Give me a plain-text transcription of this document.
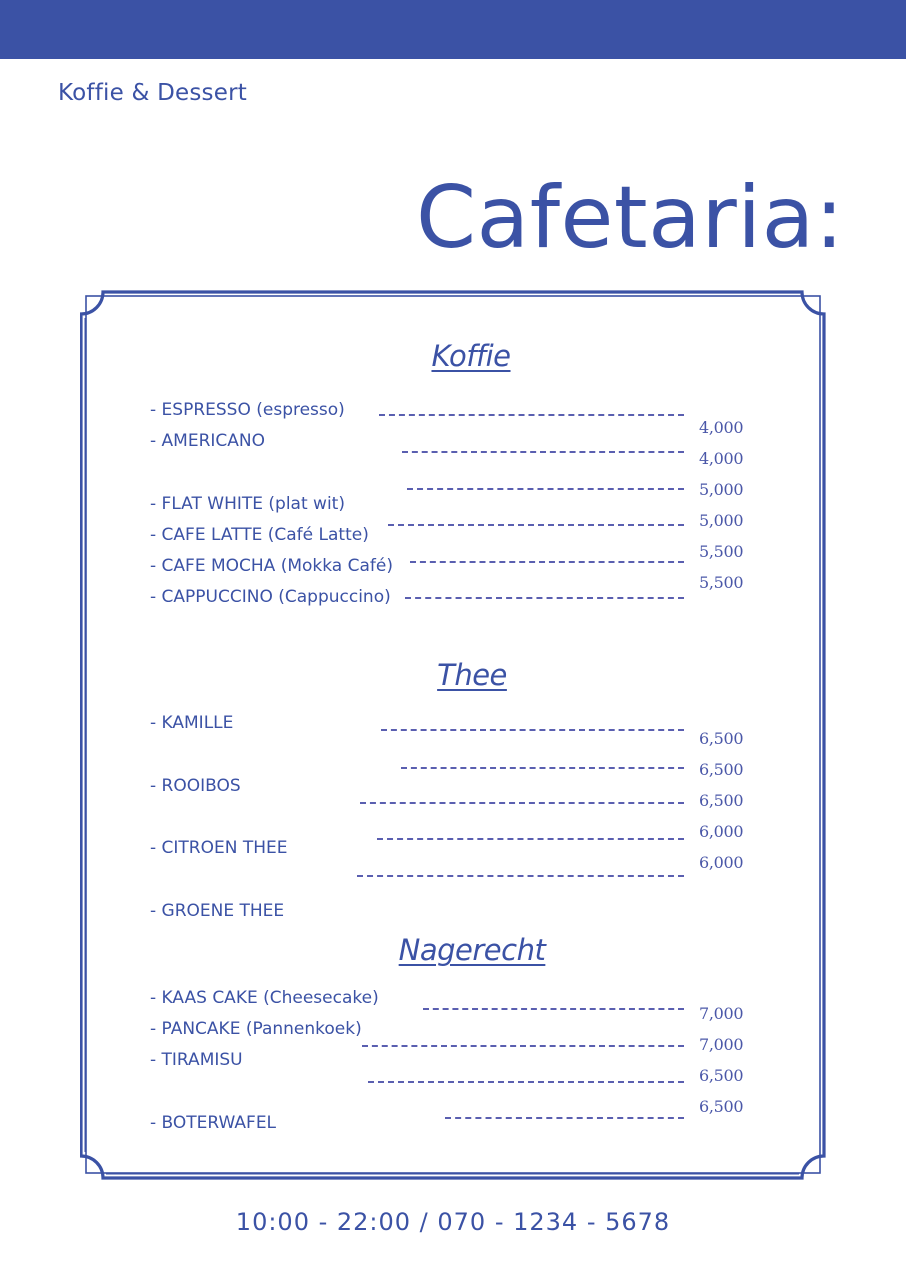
Koffie & Dessert
Cafetaria:
Koffie
- ESPRESSO (espresso)
- AMERICANO
- FLAT WHITE (plat wit)
- CAFE LATTE (Café Latte)
- CAFE MOCHA (Mokka Café)
- CAPPUCCINO (Cappuccino)
4,000
4,000
5,000
5,000
5,500
5,500
Thee
- KAMILLE
- ROOIBOS
- CITROEN THEE
- GROENE THEE
6,500
6,500
6,500
6,000
6,000
Nagerecht
- KAAS CAKE (Cheesecake)
- PANCAKE (Pannenkoek)
- TIRAMISU
- BOTERWAFEL
7,000
7,000
6,500
6,500
10:00 - 22:00 / 070 - 1234 - 5678
